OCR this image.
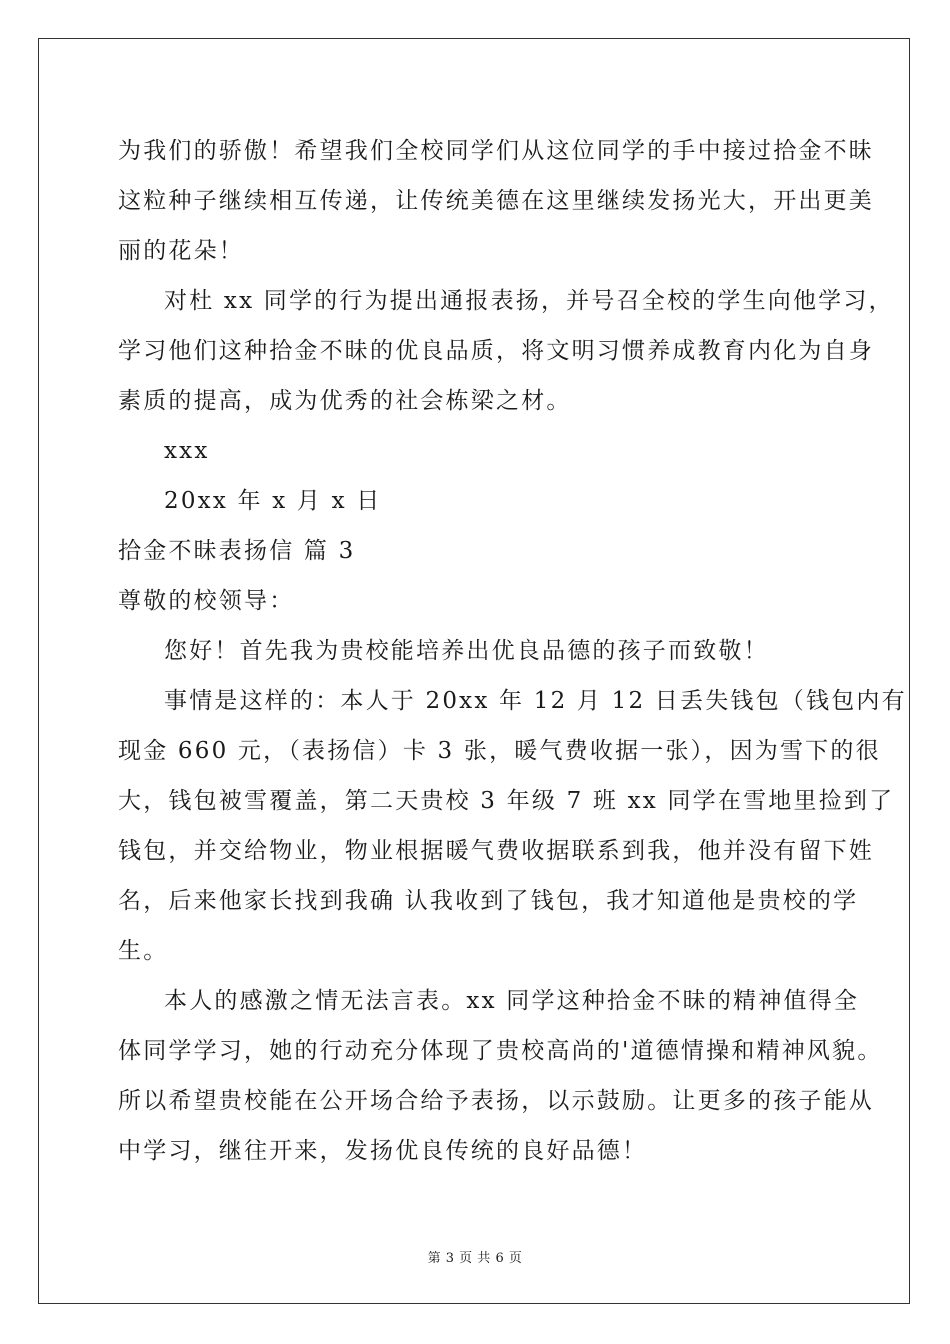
为我们的骄傲！希望我们全校同学们从这位同学的手中接过拾金不昧
这粒种子继续相互传递，让传统美德在这里继续发扬光大，开出更美
丽的花朵！
对杜 xx 同学的行为提出通报表扬，并号召全校的学生向他学习，
学习他们这种拾金不昧的优良品质，将文明习惯养成教育内化为自身
素质的提高，成为优秀的社会栋梁之材。
xxx
20xx 年 x 月 x 日
拾金不昧表扬信 篇 3
尊敬的校领导：
您好！首先我为贵校能培养出优良品德的孩子而致敬！
事情是这样的：本人于 20xx 年 12 月 12 日丢失钱包（钱包内有
现金 660 元，（表扬信）卡 3 张，暖气费收据一张），因为雪下的很
大，钱包被雪覆盖，第二天贵校 3 年级 7 班 xx 同学在雪地里捡到了
钱包，并交给物业，物业根据暖气费收据联系到我，他并没有留下姓
名，后来他家长找到我确 认我收到了钱包，我才知道他是贵校的学
生。
本人的感激之情无法言表。xx 同学这种拾金不昧的精神值得全
体同学学习，她的行动充分体现了贵校高尚的'道德情操和精神风貌。
所以希望贵校能在公开场合给予表扬，以示鼓励。让更多的孩子能从
中学习，继往开来，发扬优良传统的良好品德！
第 3 页 共 6 页
